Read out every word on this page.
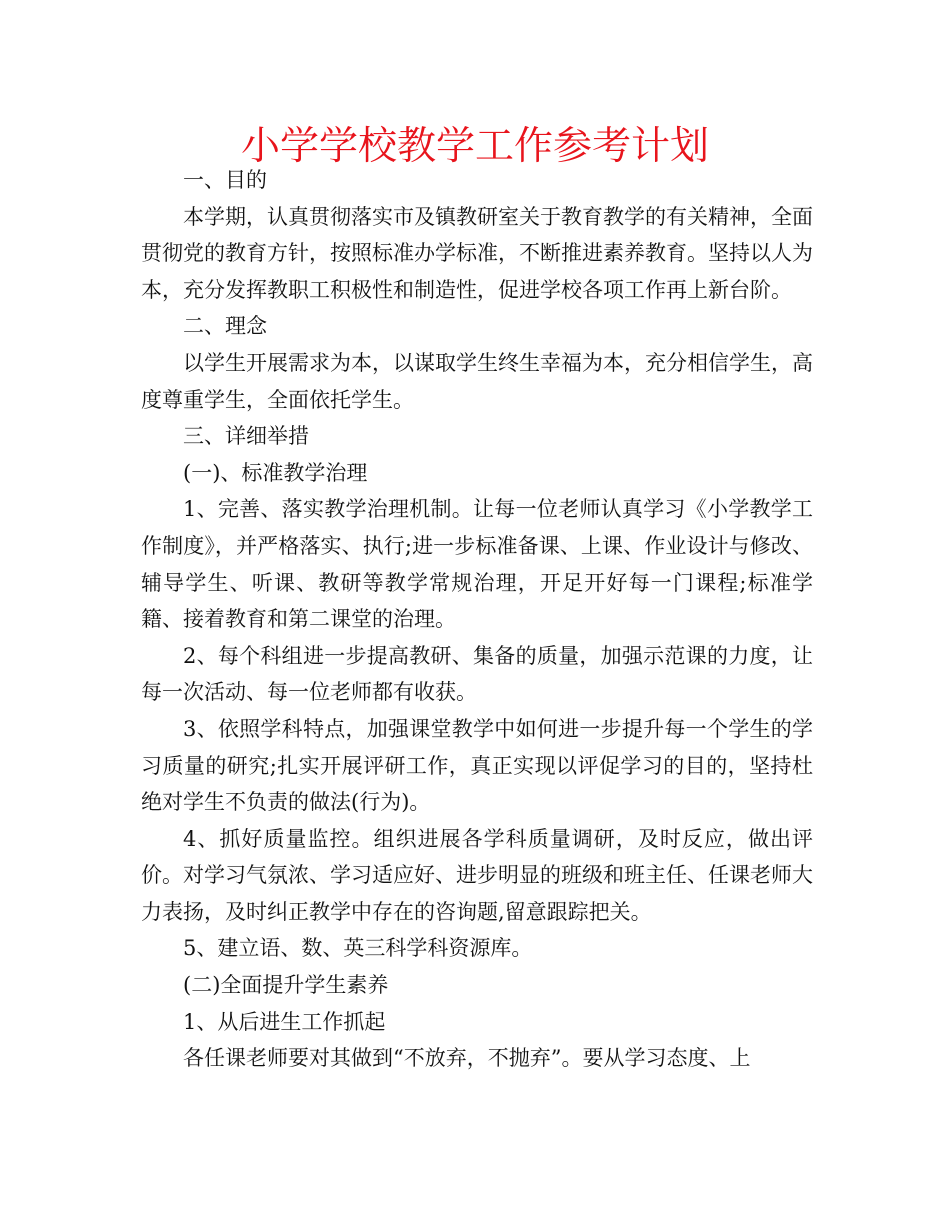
小学学校教学工作参考计划

一、目的

本学期，认真贯彻落实市及镇教研室关于教育教学的有关精神，全面贯彻党的教育方针，按照标准办学标准，不断推进素养教育。坚持以人为本，充分发挥教职工积极性和制造性，促进学校各项工作再上新台阶。

二、理念

以学生开展需求为本，以谋取学生终生幸福为本，充分相信学生，高度尊重学生，全面依托学生。

三、详细举措

(一)、标准教学治理

1、完善、落实教学治理机制。让每一位老师认真学习《小学教学工作制度》，并严格落实、执行;进一步标准备课、上课、作业设计与修改、辅导学生、听课、教研等教学常规治理，开足开好每一门课程;标准学籍、接着教育和第二课堂的治理。

2、每个科组进一步提高教研、集备的质量，加强示范课的力度，让每一次活动、每一位老师都有收获。

3、依照学科特点，加强课堂教学中如何进一步提升每一个学生的学习质量的研究;扎实开展评研工作，真正实现以评促学习的目的，坚持杜绝对学生不负责的做法(行为)。

4、抓好质量监控。组织进展各学科质量调研，及时反应，做出评价。对学习气氛浓、学习适应好、进步明显的班级和班主任、任课老师大力表扬，及时纠正教学中存在的咨询题,留意跟踪把关。

5、建立语、数、英三科学科资源库。

(二)全面提升学生素养

1、从后进生工作抓起

各任课老师要对其做到“不放弃，不抛弃”。要从学习态度、上
